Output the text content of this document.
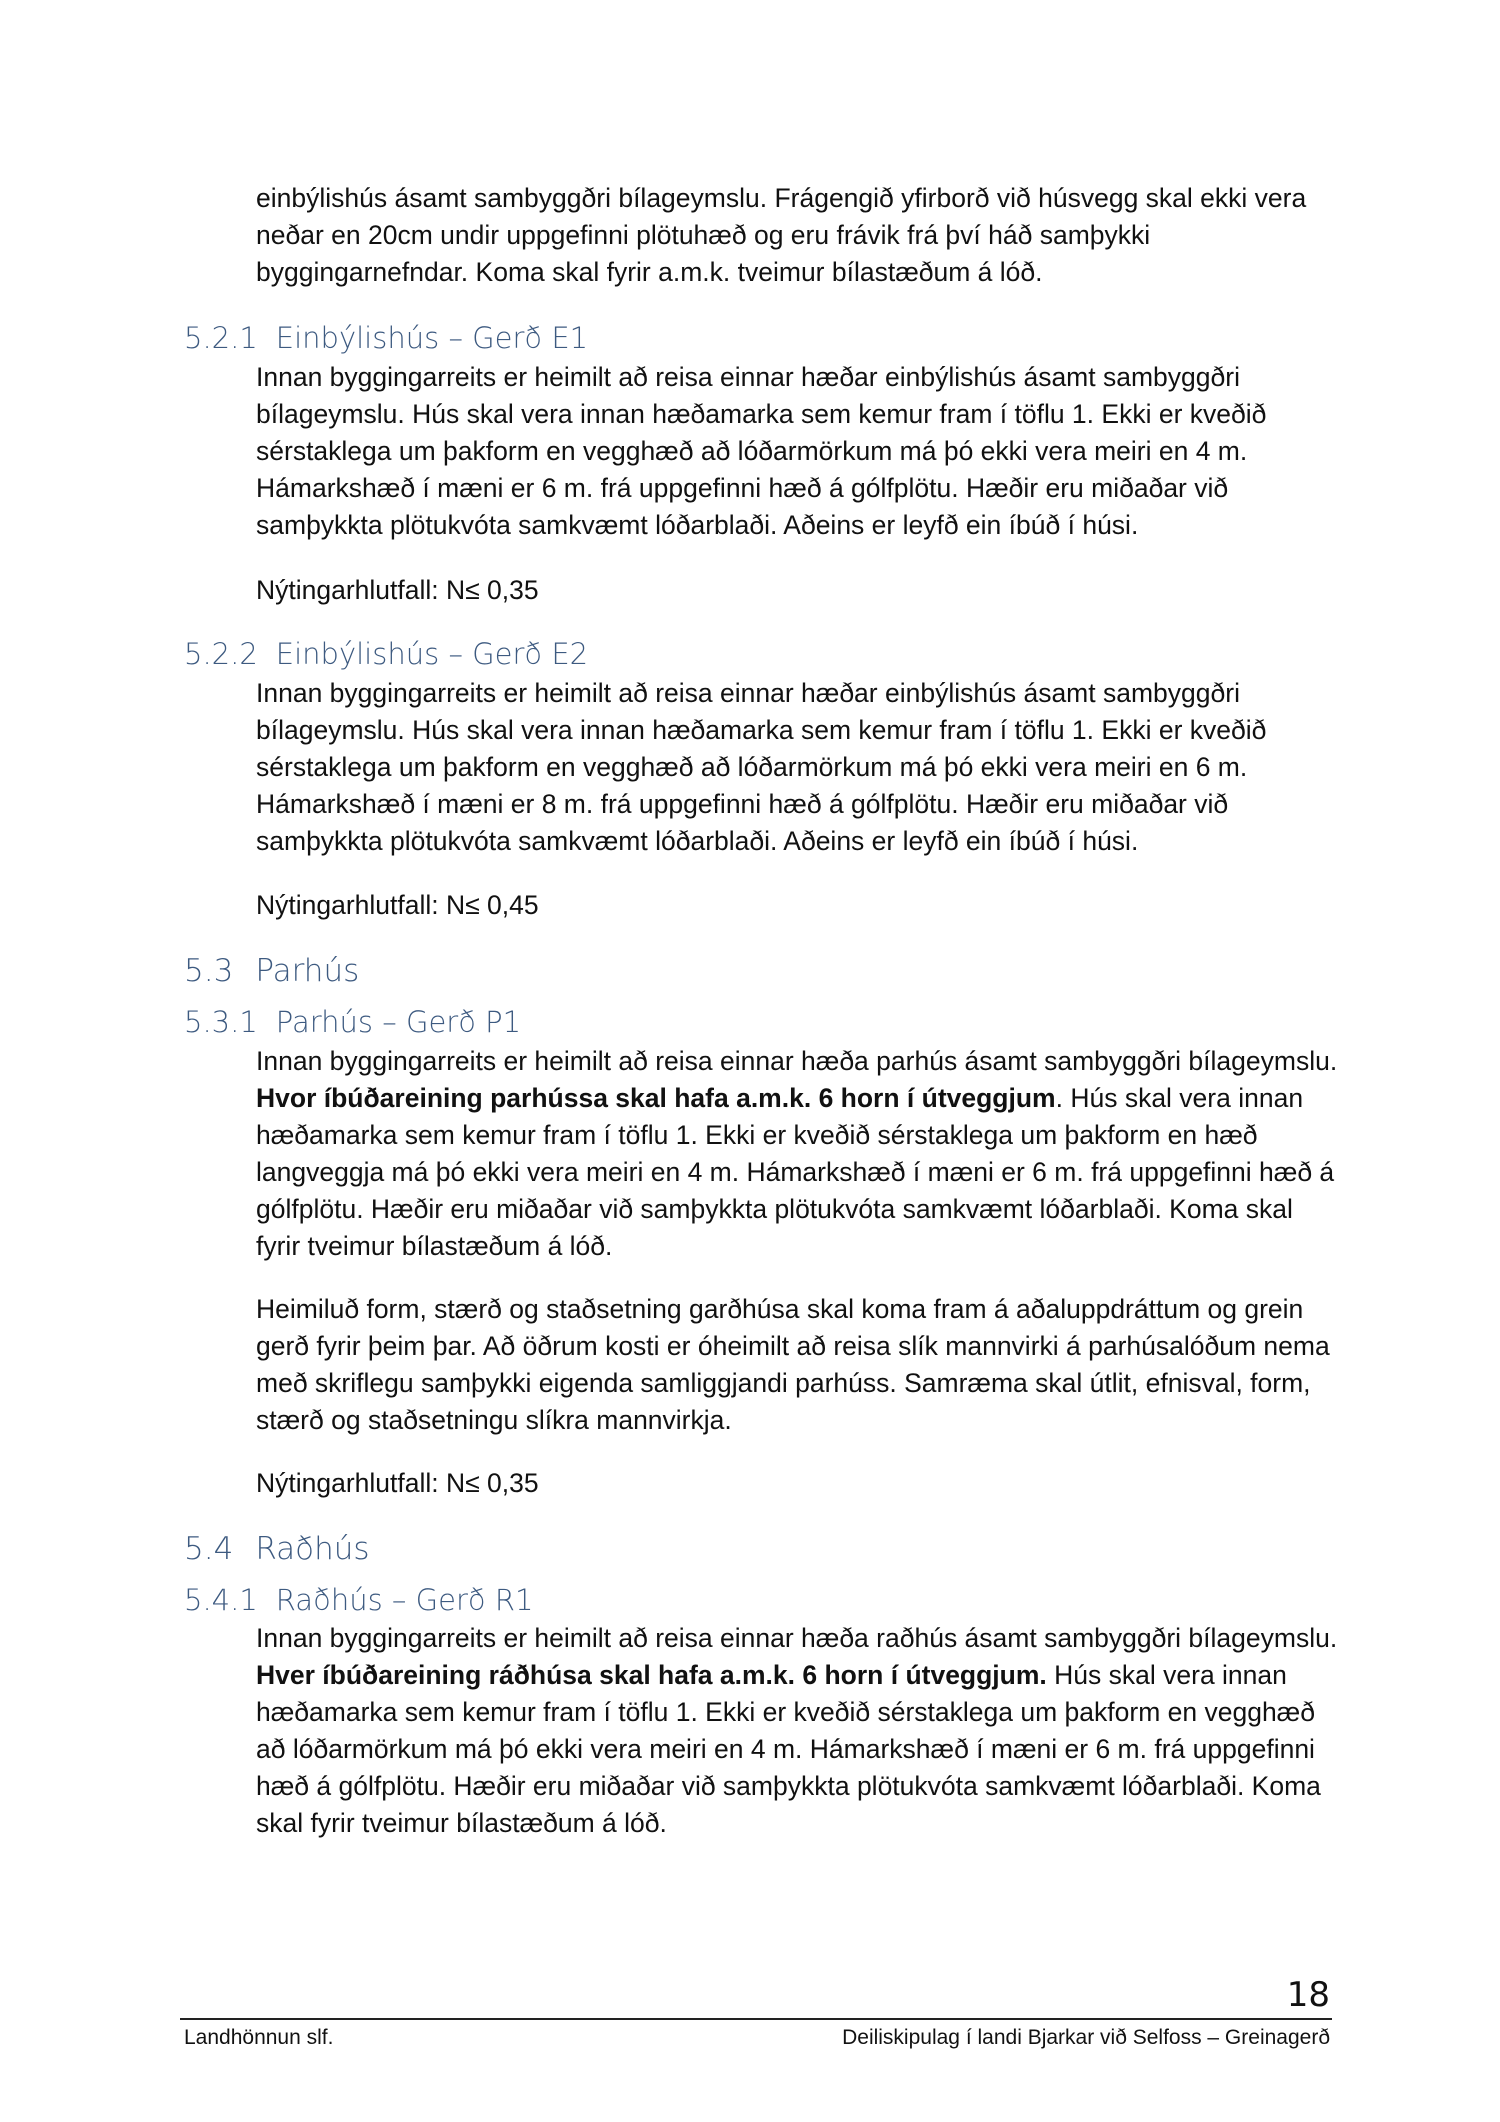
einbýlishús ásamt sambyggðri bílageymslu. Frágengið yfirborð við húsvegg skal ekki vera neðar en 20cm undir uppgefinni plötuhæð og eru frávik frá því háð samþykki byggingarnefndar. Koma skal fyrir a.m.k. tveimur bílastæðum á lóð.

5.2.1 Einbýlishús – Gerð E1

Innan byggingarreits er heimilt að reisa einnar hæðar einbýlishús ásamt sambyggðri bílageymslu. Hús skal vera innan hæðamarka sem kemur fram í töflu 1. Ekki er kveðið sérstaklega um þakform en vegghæð að lóðarmörkum má þó ekki vera meiri en 4 m. Hámarkshæð í mæni er 6 m. frá uppgefinni hæð á gólfplötu. Hæðir eru miðaðar við samþykkta plötukvóta samkvæmt lóðarblaði. Aðeins er leyfð ein íbúð í húsi.

Nýtingarhlutfall: N≤ 0,35

5.2.2 Einbýlishús – Gerð E2

Innan byggingarreits er heimilt að reisa einnar hæðar einbýlishús ásamt sambyggðri bílageymslu. Hús skal vera innan hæðamarka sem kemur fram í töflu 1. Ekki er kveðið sérstaklega um þakform en vegghæð að lóðarmörkum má þó ekki vera meiri en 6 m. Hámarkshæð í mæni er 8 m. frá uppgefinni hæð á gólfplötu. Hæðir eru miðaðar við samþykkta plötukvóta samkvæmt lóðarblaði. Aðeins er leyfð ein íbúð í húsi.

Nýtingarhlutfall: N≤ 0,45

5.3 Parhús
5.3.1 Parhús – Gerð P1

Innan byggingarreits er heimilt að reisa einnar hæða parhús ásamt sambyggðri bílageymslu. Hvor íbúðareining parhússa skal hafa a.m.k. 6 horn í útveggjum. Hús skal vera innan hæðamarka sem kemur fram í töflu 1. Ekki er kveðið sérstaklega um þakform en hæð langveggja má þó ekki vera meiri en 4 m. Hámarkshæð í mæni er 6 m. frá uppgefinni hæð á gólfplötu. Hæðir eru miðaðar við samþykkta plötukvóta samkvæmt lóðarblaði. Koma skal fyrir tveimur bílastæðum á lóð.

Heimiluð form, stærð og staðsetning garðhúsa skal koma fram á aðaluppdráttum og grein gerð fyrir þeim þar. Að öðrum kosti er óheimilt að reisa slík mannvirki á parhúsalóðum nema með skriflegu samþykki eigenda samliggjandi parhúss. Samræma skal útlit, efnisval, form, stærð og staðsetningu slíkra mannvirkja.

Nýtingarhlutfall: N≤ 0,35

5.4 Raðhús
5.4.1 Raðhús – Gerð R1

Innan byggingarreits er heimilt að reisa einnar hæða raðhús ásamt sambyggðri bílageymslu. Hver íbúðareining ráðhúsa skal hafa a.m.k. 6 horn í útveggjum. Hús skal vera innan hæðamarka sem kemur fram í töflu 1. Ekki er kveðið sérstaklega um þakform en vegghæð að lóðarmörkum má þó ekki vera meiri en 4 m. Hámarkshæð í mæni er 6 m. frá uppgefinni hæð á gólfplötu. Hæðir eru miðaðar við samþykkta plötukvóta samkvæmt lóðarblaði. Koma skal fyrir tveimur bílastæðum á lóð.

18
Landhönnun slf.	Deiliskipulag í landi Bjarkar við Selfoss – Greinagerð
